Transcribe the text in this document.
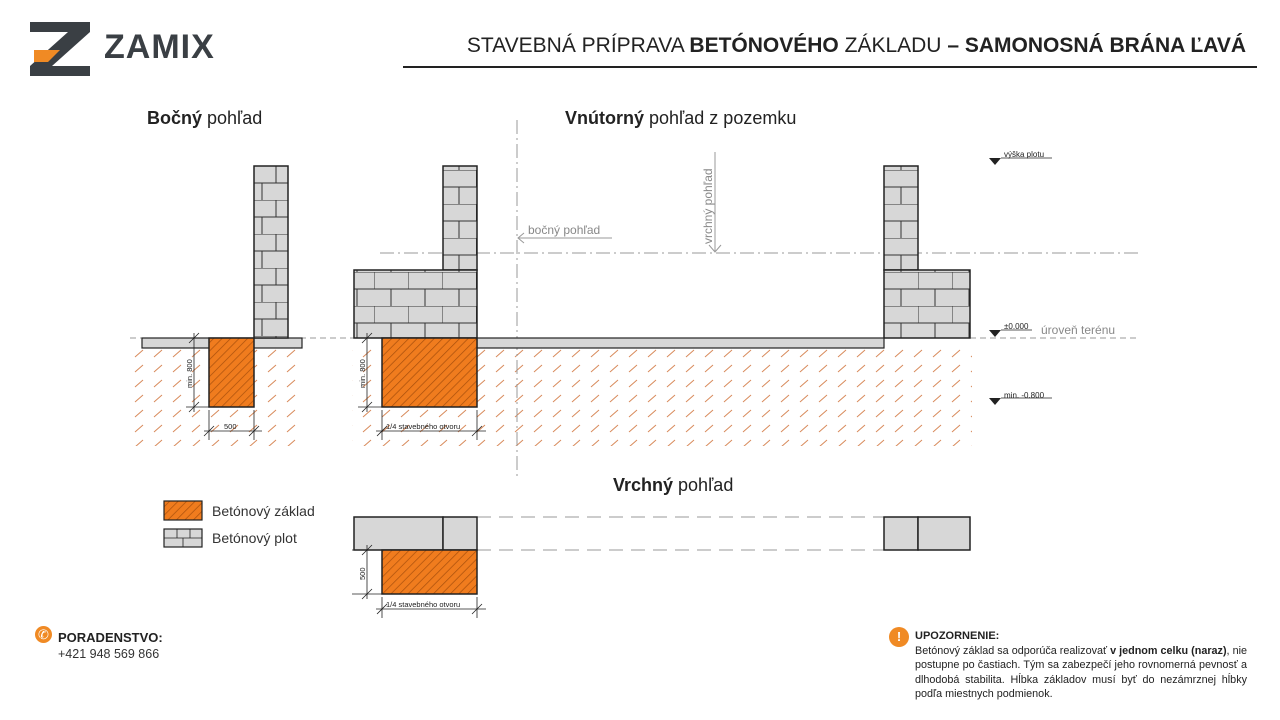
ZAMIX	STAVEBNÁ PRÍPRAVA BETÓNOVÉHO ZÁKLADU – SAMONOSNÁ BRÁNA ĽAVÁ
Bočný pohľad	Vnútorný pohľad z pozemku
Vrchný pohľad
min. 800
500
min. 800
1/4 stavebného otvoru
bočný pohľad	vrchný pohľad
výška plotu
±0.000 úroveň terénu
min. -0.800
500
1/4 stavebného otvoru
Betónový základ
Betónový plot
✆ PORADENSTVO:
+421 948 569 866
!	UPOZORNENIE:
Betónový základ sa odporúča realizovať v jednom celku (naraz), nie postupne po častiach. Tým sa zabezpečí jeho rovnomerná pevnosť a dlhodobá stabilita. Hĺbka základov musí byť do nezámrznej hĺbky podľa miestnych podmienok.
